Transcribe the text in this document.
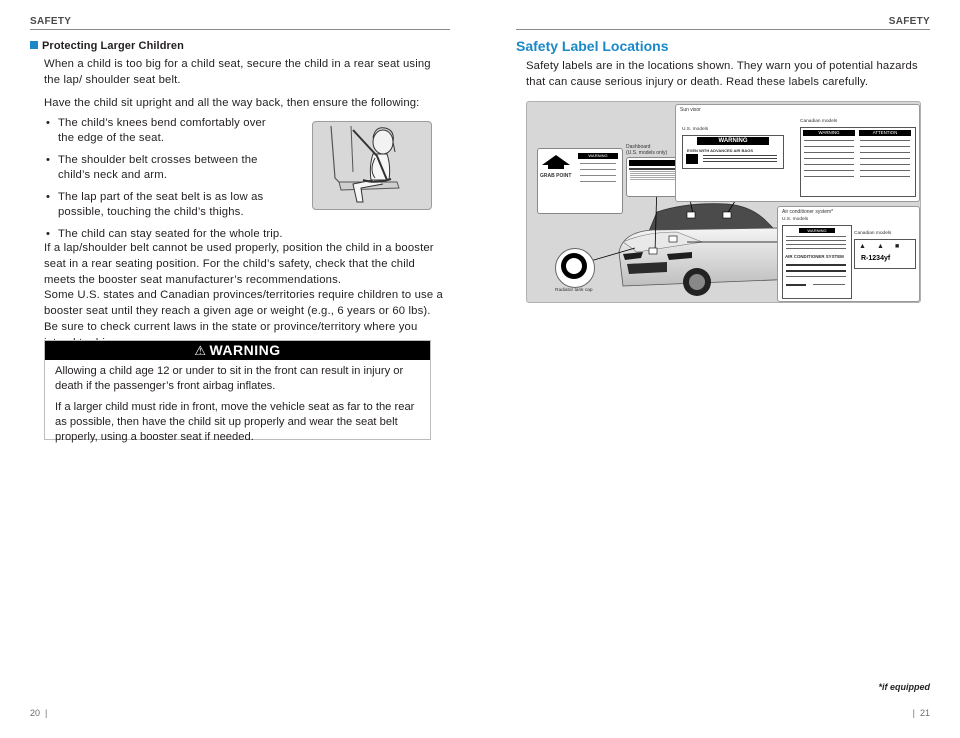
SAFETY
Protecting Larger Children
When a child is too big for a child seat, secure the child in a rear seat using the lap/ shoulder seat belt.
Have the child sit upright and all the way back, then ensure the following:
• The child’s knees bend comfortably over the edge of the seat.
• The shoulder belt crosses between the child’s neck and arm.
• The lap part of the seat belt is as low as possible, touching the child’s thighs.
• The child can stay seated for the whole trip.
If a lap/shoulder belt cannot be used properly, position the child in a booster seat in a rear seating position. For the child’s safety, check that the child meets the booster seat manufacturer’s recommendations.
Some U.S. states and Canadian provinces/territories require children to use a booster seat until they reach a given age or weight (e.g., 6 years or 60 lbs). Be sure to check current laws in the state or province/territory where you
⚠ WARNING

Allowing a child age 12 or under to sit in the front can result in injury or death if the passenger’s front airbag inflates.

If a larger child must ride in front, move the vehicle seat as far to the rear as possible, then have the child sit up properly and wear the seat belt properly, using a booster seat if needed.

20  |
SAFETY
Safety Label Locations
Safety labels are in the locations shown. They warn you of potential hazards that can cause serious injury or death. Read these labels carefully.
Dashboard
(U.S. models only)
GRAB POINT
WARNING
Sun visor
U.S. models
Canadian models
WARNING
EVEN WITH ADVANCED AIR BAGS
WARNING	ATTENTION
Air conditioner system*
U.S. models
Canadian models
WARNING
AIR CONDITIONER SYSTEM
▲ ▲ ■
R-1234yf
Radiator tank cap
*if equipped
|  21
